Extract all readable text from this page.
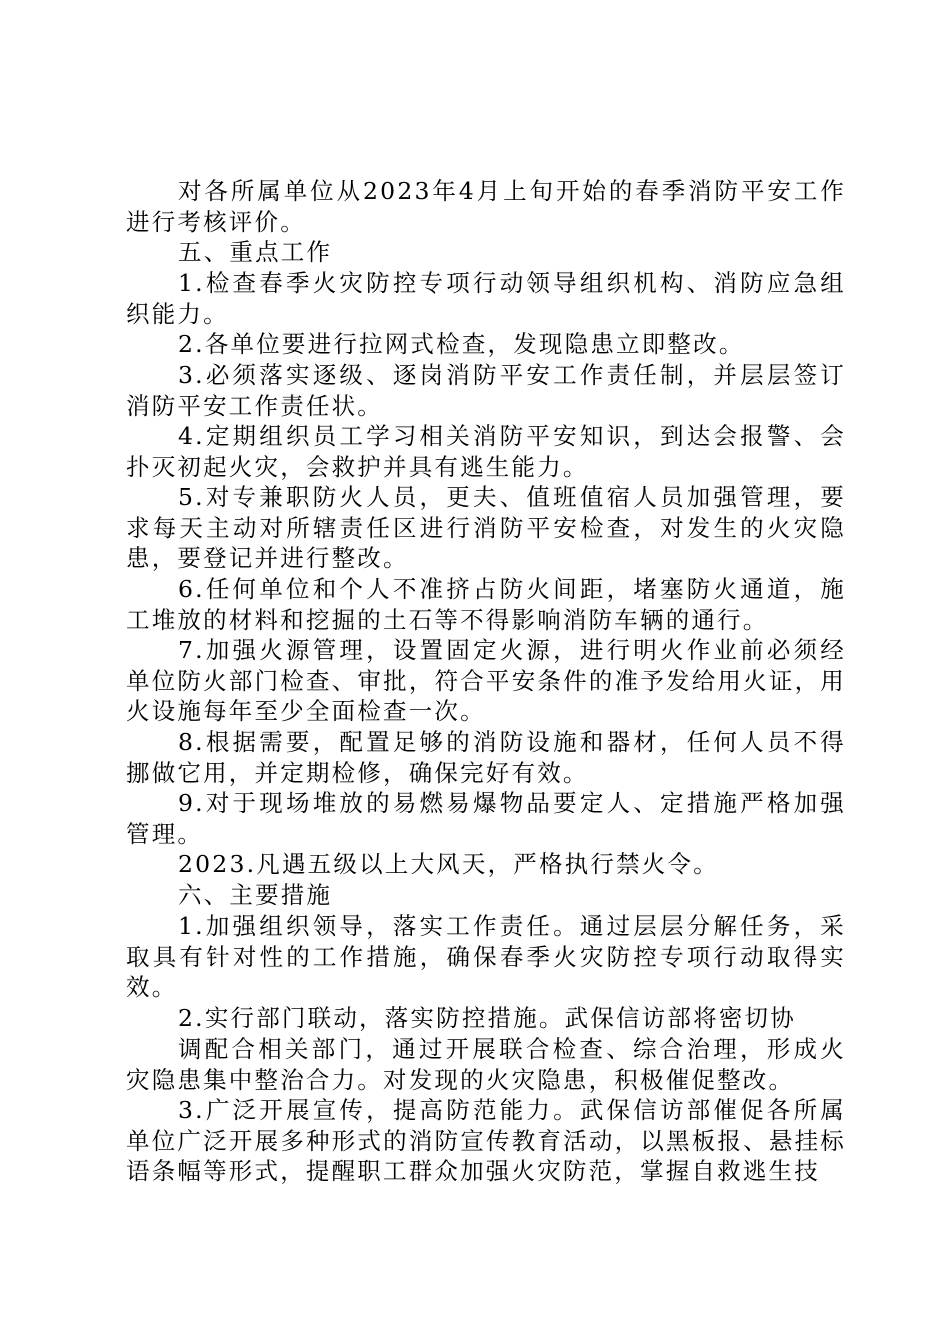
对各所属单位从2023年4月上旬开始的春季消防平安工作进行考核评价。
五、重点工作
1.检查春季火灾防控专项行动领导组织机构、消防应急组织能力。
2.各单位要进行拉网式检查，发现隐患立即整改。
3.必须落实逐级、逐岗消防平安工作责任制，并层层签订消防平安工作责任状。
4.定期组织员工学习相关消防平安知识，到达会报警、会扑灭初起火灾，会救护并具有逃生能力。
5.对专兼职防火人员，更夫、值班值宿人员加强管理，要求每天主动对所辖责任区进行消防平安检查，对发生的火灾隐患，要登记并进行整改。
6.任何单位和个人不准挤占防火间距，堵塞防火通道，施工堆放的材料和挖掘的土石等不得影响消防车辆的通行。
7.加强火源管理，设置固定火源，进行明火作业前必须经单位防火部门检查、审批，符合平安条件的准予发给用火证，用火设施每年至少全面检查一次。
8.根据需要，配置足够的消防设施和器材，任何人员不得挪做它用，并定期检修，确保完好有效。
9.对于现场堆放的易燃易爆物品要定人、定措施严格加强管理。
2023.凡遇五级以上大风天，严格执行禁火令。
六、主要措施
1.加强组织领导，落实工作责任。通过层层分解任务，采取具有针对性的工作措施，确保春季火灾防控专项行动取得实效。
2.实行部门联动，落实防控措施。武保信访部将密切协
调配合相关部门，通过开展联合检查、综合治理，形成火灾隐患集中整治合力。对发现的火灾隐患，积极催促整改。
3.广泛开展宣传，提高防范能力。武保信访部催促各所属单位广泛开展多种形式的消防宣传教育活动，以黑板报、悬挂标语条幅等形式，提醒职工群众加强火灾防范，掌握自救逃生技
